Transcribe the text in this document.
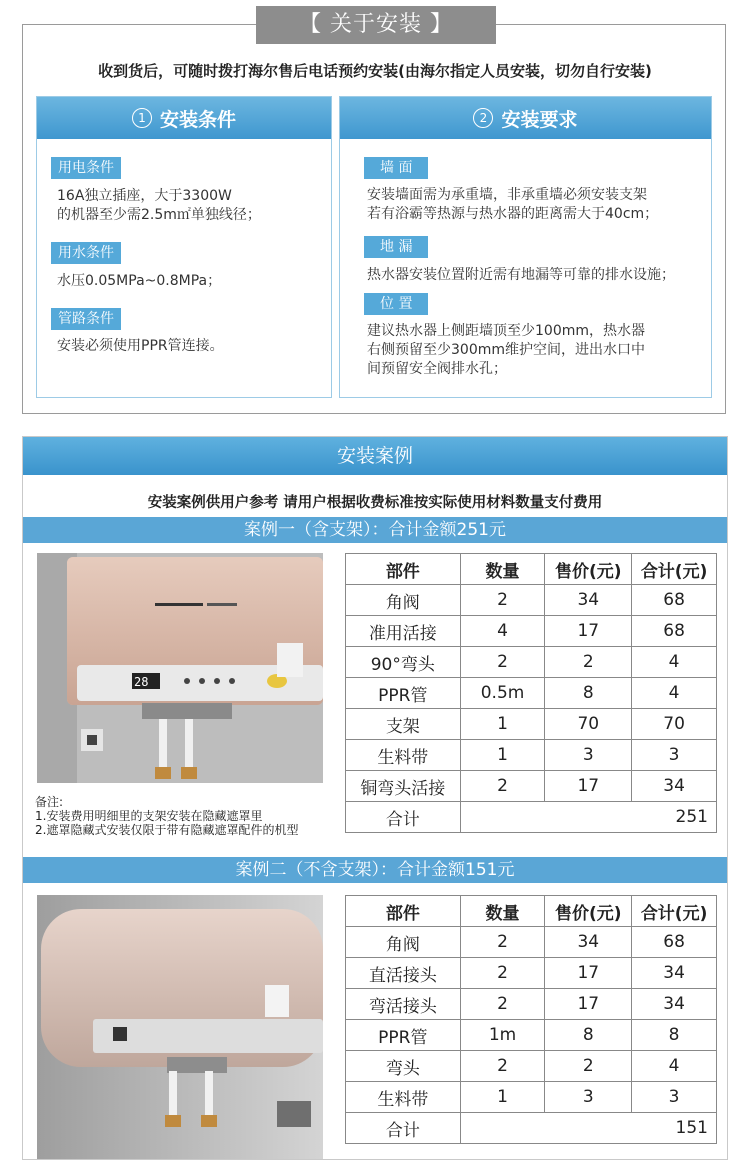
【 关于安装 】
收到货后，可随时拨打海尔售后电话预约安装(由海尔指定人员安装，切勿自行安装)
1 安装条件
用电条件
16A独立插座，大于3300W
的机器至少需2.5m㎡单独线径；
用水条件
水压0.05MPa~0.8MPa；
管路条件
安装必须使用PPR管连接。
2 安装要求
墙 面
安装墙面需为承重墙，非承重墙必须安装支架
若有浴霸等热源与热水器的距离需大于40cm；
地 漏
热水器安装位置附近需有地漏等可靠的排水设施；
位 置
建议热水器上侧距墙顶至少100mm，热水器
右侧预留至少300mm维护空间，进出水口中
间预留安全阀排水孔；
安装案例
安装案例供用户参考 请用户根据收费标准按实际使用材料数量支付费用
案例一（含支架）：合计金额251元
28
备注:
1.安装费用明细里的支架安装在隐藏遮罩里
2.遮罩隐藏式安装仅限于带有隐藏遮罩配件的机型
部件	数量	售价(元)	合计(元)
角阀	2	34	68
准用活接	4	17	68
90°弯头	2	2	4
PPR管	0.5m	8	4
支架	1	70	70
生料带	1	3	3
铜弯头活接	2	17	34
合计	251		
案例二（不含支架）：合计金额151元
部件	数量	售价(元)	合计(元)
角阀	2	34	68
直活接头	2	17	34
弯活接头	2	17	34
PPR管	1m	8	8
弯头	2	2	4
生料带	1	3	3
合计	151		
